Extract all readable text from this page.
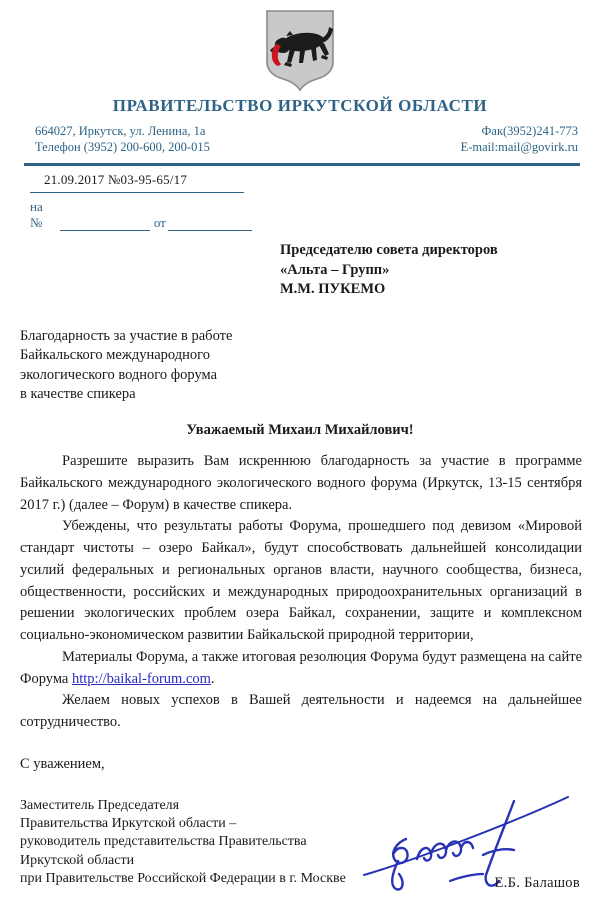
ПРАВИТЕЛЬСТВО ИРКУТСКОЙ ОБЛАСТИ
664027, Иркутск, ул. Ленина, 1а
Телефон (3952) 200-600, 200-015
Фак(3952)241-773
E-mail:mail@govirk.ru
21.09.2017 №03-95-65/17
на №	от
Председателю совета директоров
«Альта – Групп»
М.М. ПУКЕМО
Благодарность за участие в работе
Байкальского международного
экологического водного форума
в качестве спикера
Уважаемый Михаил Михайлович!

Разрешите выразить Вам искреннюю благодарность за участие в программе Байкальского международного экологического водного форума (Иркутск, 13-15 сентября 2017 г.) (далее – Форум) в качестве спикера.

Убеждены, что результаты работы Форума, прошедшего под девизом «Мировой стандарт чистоты – озеро Байкал», будут способствовать дальнейшей консолидации усилий федеральных и региональных органов власти, научного сообщества, бизнеса, общественности, российских и международных природоохранительных организаций в решении экологических проблем озера Байкал, сохранении, защите и комплексном социально-экономическом развитии Байкальской природной территории,

Материалы Форума, а также итоговая резолюция Форума будут размещена на сайте Форума http://baikal-forum.com.

Желаем новых успехов в Вашей деятельности и надеемся на дальнейшее сотрудничество.

С уважением,
Заместитель Председателя
Правительства Иркутской области –
руководитель представительства Правительства
Иркутской области
при Правительстве Российской Федерации в г. Москве	Е.Б. Балашов
